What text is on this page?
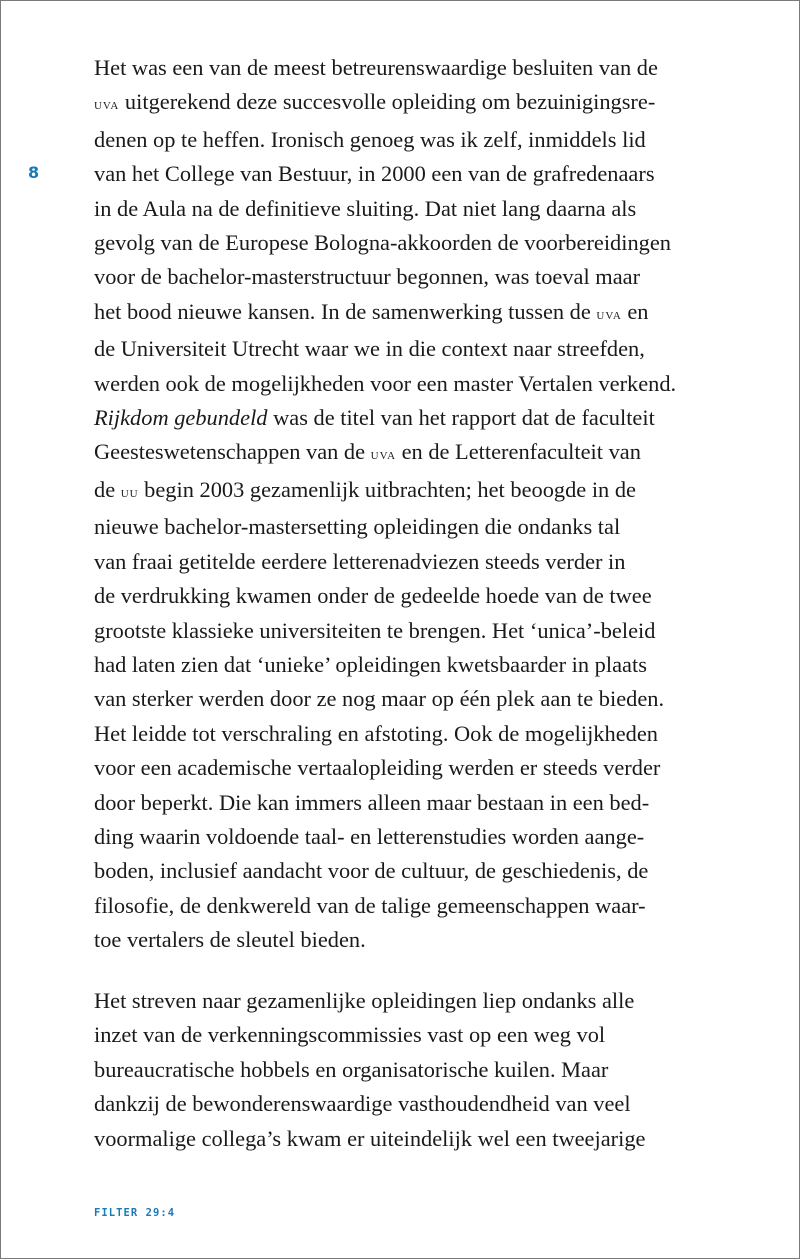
8
Het was een van de meest betreurenswaardige besluiten van de
uva uitgerekend deze succesvolle opleiding om bezuinigingsre-
denen op te heffen. Ironisch genoeg was ik zelf, inmiddels lid
van het College van Bestuur, in 2000 een van de grafredenaars
in de Aula na de definitieve sluiting. Dat niet lang daarna als
gevolg van de Europese Bologna-akkoorden de voorbereidingen
voor de bachelor-masterstructuur begonnen, was toeval maar
het bood nieuwe kansen. In de samenwerking tussen de uva en
de Universiteit Utrecht waar we in die context naar streefden,
werden ook de mogelijkheden voor een master Vertalen verkend.
Rijkdom gebundeld was de titel van het rapport dat de faculteit
Geesteswetenschappen van de uva en de Letterenfaculteit van
de uu begin 2003 gezamenlijk uitbrachten; het beoogde in de
nieuwe bachelor-mastersetting opleidingen die ondanks tal
van fraai getitelde eerdere letterenadviezen steeds verder in
de verdrukking kwamen onder de gedeelde hoede van de twee
grootste klassieke universiteiten te brengen. Het ‘unica’-beleid
had laten zien dat ‘unieke’ opleidingen kwetsbaarder in plaats
van sterker werden door ze nog maar op één plek aan te bieden.
Het leidde tot verschraling en afstoting. Ook de mogelijkheden
voor een academische vertaalopleiding werden er steeds verder
door beperkt. Die kan immers alleen maar bestaan in een bed-
ding waarin voldoende taal- en letterenstudies worden aange-
boden, inclusief aandacht voor de cultuur, de geschiedenis, de
filosofie, de denkwereld van de talige gemeenschappen waar-
toe vertalers de sleutel bieden.
Het streven naar gezamenlijke opleidingen liep ondanks alle
inzet van de verkenningscommissies vast op een weg vol
bureaucratische hobbels en organisatorische kuilen. Maar
dankzij de bewonderenswaardige vasthoudendheid van veel
voormalige collega’s kwam er uiteindelijk wel een tweejarige
FILTER 29:4
